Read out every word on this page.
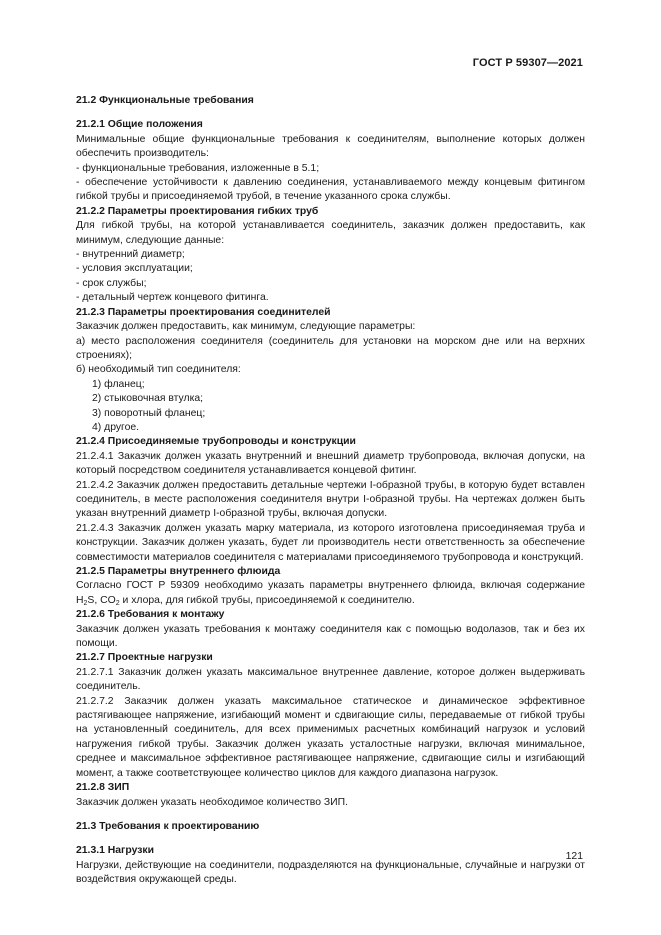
ГОСТ Р 59307—2021
21.2 Функциональные требования
21.2.1 Общие положения
Минимальные общие функциональные требования к соединителям, выполнение которых должен обеспечить производитель:
- функциональные требования, изложенные в 5.1;
- обеспечение устойчивости к давлению соединения, устанавливаемого между концевым фитингом гибкой трубы и присоединяемой трубой, в течение указанного срока службы.
21.2.2 Параметры проектирования гибких труб
Для гибкой трубы, на которой устанавливается соединитель, заказчик должен предоставить, как минимум, следующие данные:
- внутренний диаметр;
- условия эксплуатации;
- срок службы;
- детальный чертеж концевого фитинга.
21.2.3 Параметры проектирования соединителей
Заказчик должен предоставить, как минимум, следующие параметры:
а) место расположения соединителя (соединитель для установки на морском дне или на верхних строениях);
б) необходимый тип соединителя:
1) фланец;
2) стыковочная втулка;
3) поворотный фланец;
4) другое.
21.2.4 Присоединяемые трубопроводы и конструкции
21.2.4.1 Заказчик должен указать внутренний и внешний диаметр трубопровода, включая допуски, на который посредством соединителя устанавливается концевой фитинг.
21.2.4.2 Заказчик должен предоставить детальные чертежи I-образной трубы, в которую будет вставлен соединитель, в месте расположения соединителя внутри I-образной трубы. На чертежах должен быть указан внутренний диаметр I-образной трубы, включая допуски.
21.2.4.3 Заказчик должен указать марку материала, из которого изготовлена присоединяемая труба и конструкции. Заказчик должен указать, будет ли производитель нести ответственность за обеспечение совместимости материалов соединителя с материалами присоединяемого трубопровода и конструкций.
21.2.5 Параметры внутреннего флюида
Согласно ГОСТ Р 59309 необходимо указать параметры внутреннего флюида, включая содержание $H_2S$, $CO_2$ и хлора, для гибкой трубы, присоединяемой к соединителю.
21.2.6 Требования к монтажу
Заказчик должен указать требования к монтажу соединителя как с помощью водолазов, так и без их помощи.
21.2.7 Проектные нагрузки
21.2.7.1 Заказчик должен указать максимальное внутреннее давление, которое должен выдерживать соединитель.
21.2.7.2 Заказчик должен указать максимальное статическое и динамическое эффективное растягивающее напряжение, изгибающий момент и сдвигающие силы, передаваемые от гибкой трубы на установленный соединитель, для всех применимых расчетных комбинаций нагрузок и условий нагружения гибкой трубы. Заказчик должен указать усталостные нагрузки, включая минимальное, среднее и максимальное эффективное растягивающее напряжение, сдвигающие силы и изгибающий момент, а также соответствующее количество циклов для каждого диапазона нагрузок.
21.2.8 ЗИП
Заказчик должен указать необходимое количество ЗИП.
21.3 Требования к проектированию
21.3.1 Нагрузки
Нагрузки, действующие на соединители, подразделяются на функциональные, случайные и нагрузки от воздействия окружающей среды.
121
